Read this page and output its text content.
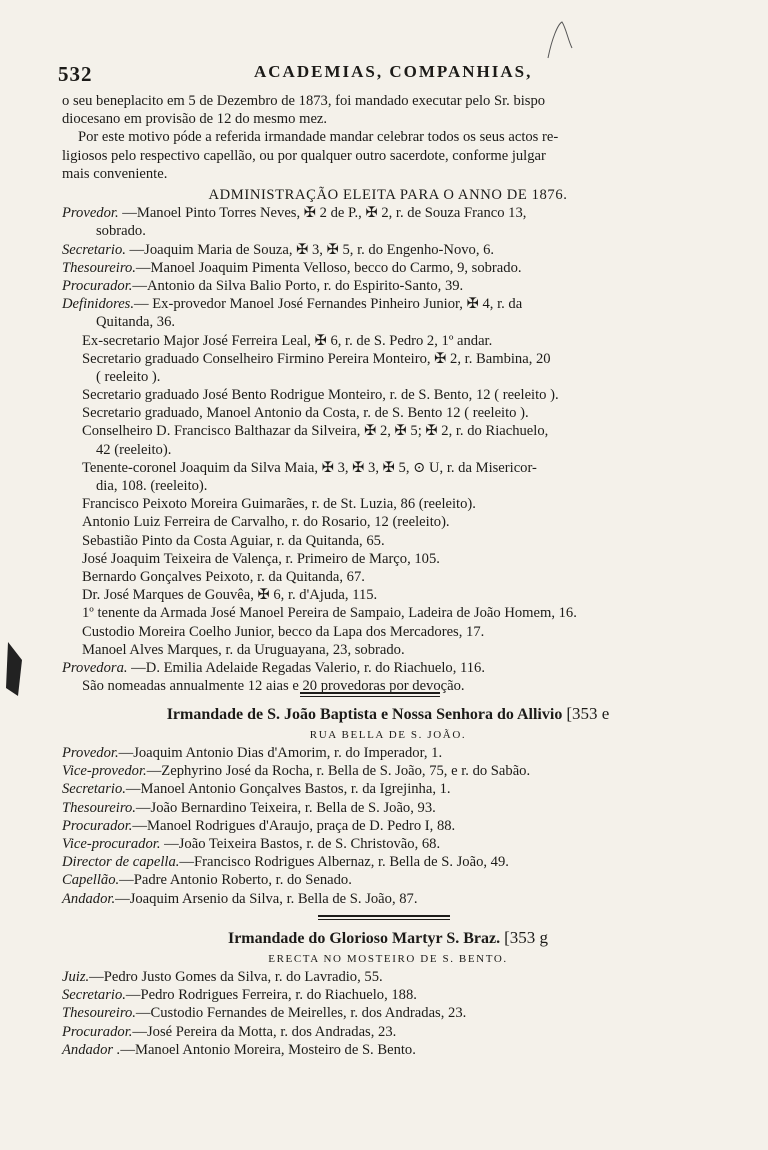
532	ACADEMIAS, COMPANHIAS,
o seu beneplacito em 5 de Dezembro de 1873, foi mandado executar pelo Sr. bispo
diocesano em provisão de 12 do mesmo mez.
Por este motivo póde a referida irmandade mandar celebrar todos os seus actos re-
ligiosos pelo respectivo capellão, ou por qualquer outro sacerdote, conforme julgar
mais conveniente.
ADMINISTRAÇÃO ELEITA PARA O ANNO DE 1876.
Provedor. —Manoel Pinto Torres Neves, ✠ 2 de P., ✠ 2, r. de Souza Franco 13,
sobrado.
Secretario. —Joaquim Maria de Souza, ✠ 3, ✠ 5, r. do Engenho-Novo, 6.
Thesoureiro.—Manoel Joaquim Pimenta Velloso, becco do Carmo, 9, sobrado.
Procurador.—Antonio da Silva Balio Porto, r. do Espirito-Santo, 39.
Definidores.— Ex-provedor Manoel José Fernandes Pinheiro Junior, ✠ 4, r. da
Quitanda, 36.
Ex-secretario Major José Ferreira Leal, ✠ 6, r. de S. Pedro 2, 1º andar.
Secretario graduado Conselheiro Firmino Pereira Monteiro, ✠ 2, r. Bambina, 20
( reeleito ).
Secretario graduado José Bento Rodrigue Monteiro, r. de S. Bento, 12 ( reeleito ).
Secretario graduado, Manoel Antonio da Costa, r. de S. Bento 12 ( reeleito ).
Conselheiro D. Francisco Balthazar da Silveira, ✠ 2, ✠ 5; ✠ 2, r. do Riachuelo,
42 (reeleito).
Tenente-coronel Joaquim da Silva Maia, ✠ 3, ✠ 3, ✠ 5, ⊙ U, r. da Misericor-
dia, 108. (reeleito).
Francisco Peixoto Moreira Guimarães, r. de St. Luzia, 86 (reeleito).
Antonio Luiz Ferreira de Carvalho, r. do Rosario, 12 (reeleito).
Sebastião Pinto da Costa Aguiar, r. da Quitanda, 65.
José Joaquim Teixeira de Valença, r. Primeiro de Março, 105.
Bernardo Gonçalves Peixoto, r. da Quitanda, 67.
Dr. José Marques de Gouvêa, ✠ 6, r. d'Ajuda, 115.
1º tenente da Armada José Manoel Pereira de Sampaio, Ladeira de João Homem, 16.
Custodio Moreira Coelho Junior, becco da Lapa dos Mercadores, 17.
Manoel Alves Marques, r. da Uruguayana, 23, sobrado.
Provedora. —D. Emilia Adelaide Regadas Valerio, r. do Riachuelo, 116.
São nomeadas annualmente 12 aias e 20 provedoras por devoção.
Irmandade de S. João Baptista e Nossa Senhora do Allivio [353 e
RUA BELLA DE S. JOÃO.
Provedor.—Joaquim Antonio Dias d'Amorim, r. do Imperador, 1.
Vice-provedor.—Zephyrino José da Rocha, r. Bella de S. João, 75, e r. do Sabão.
Secretario.—Manoel Antonio Gonçalves Bastos, r. da Igrejinha, 1.
Thesoureiro.—João Bernardino Teixeira, r. Bella de S. João, 93.
Procurador.—Manoel Rodrigues d'Araujo, praça de D. Pedro I, 88.
Vice-procurador. —João Teixeira Bastos, r. de S. Christovão, 68.
Director de capella.—Francisco Rodrigues Albernaz, r. Bella de S. João, 49.
Capellão.—Padre Antonio Roberto, r. do Senado.
Andador.—Joaquim Arsenio da Silva, r. Bella de S. João, 87.
Irmandade do Glorioso Martyr S. Braz. [353 g
ERECTA NO MOSTEIRO DE S. BENTO.
Juiz.—Pedro Justo Gomes da Silva, r. do Lavradio, 55.
Secretario.—Pedro Rodrigues Ferreira, r. do Riachuelo, 188.
Thesoureiro.—Custodio Fernandes de Meirelles, r. dos Andradas, 23.
Procurador.—José Pereira da Motta, r. dos Andradas, 23.
Andador .—Manoel Antonio Moreira, Mosteiro de S. Bento.
